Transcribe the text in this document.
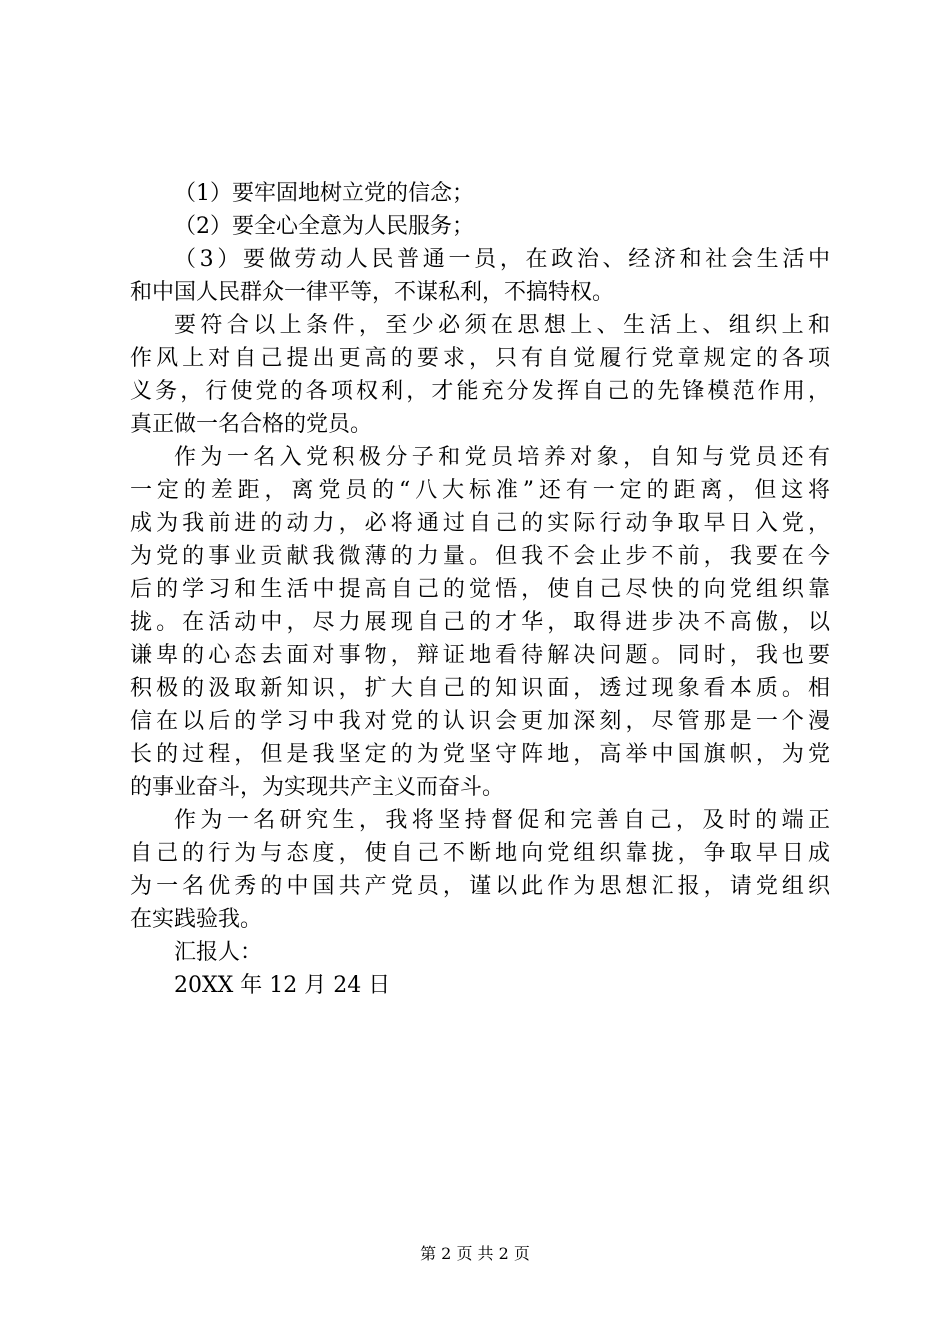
（1）要牢固地树立党的信念；
（2）要全心全意为人民服务；
（3）要做劳动人民普通一员，在政治、经济和社会生活中
和中国人民群众一律平等，不谋私利，不搞特权。
要符合以上条件，至少必须在思想上、生活上、组织上和
作风上对自己提出更高的要求，只有自觉履行党章规定的各项
义务，行使党的各项权利，才能充分发挥自己的先锋模范作用，
真正做一名合格的党员。
作为一名入党积极分子和党员培养对象，自知与党员还有
一定的差距，离党员的“八大标准”还有一定的距离，但这将
成为我前进的动力，必将通过自己的实际行动争取早日入党，
为党的事业贡献我微薄的力量。但我不会止步不前，我要在今
后的学习和生活中提高自己的觉悟，使自己尽快的向党组织靠
拢。在活动中，尽力展现自己的才华，取得进步决不高傲，以
谦卑的心态去面对事物，辩证地看待解决问题。同时，我也要
积极的汲取新知识，扩大自己的知识面，透过现象看本质。相
信在以后的学习中我对党的认识会更加深刻，尽管那是一个漫
长的过程，但是我坚定的为党坚守阵地，高举中国旗帜，为党
的事业奋斗，为实现共产主义而奋斗。
作为一名研究生，我将坚持督促和完善自己，及时的端正
自己的行为与态度，使自己不断地向党组织靠拢，争取早日成
为一名优秀的中国共产党员，谨以此作为思想汇报，请党组织
在实践验我。
汇报人：
20XX 年 12 月 24 日
第 2 页 共 2 页
